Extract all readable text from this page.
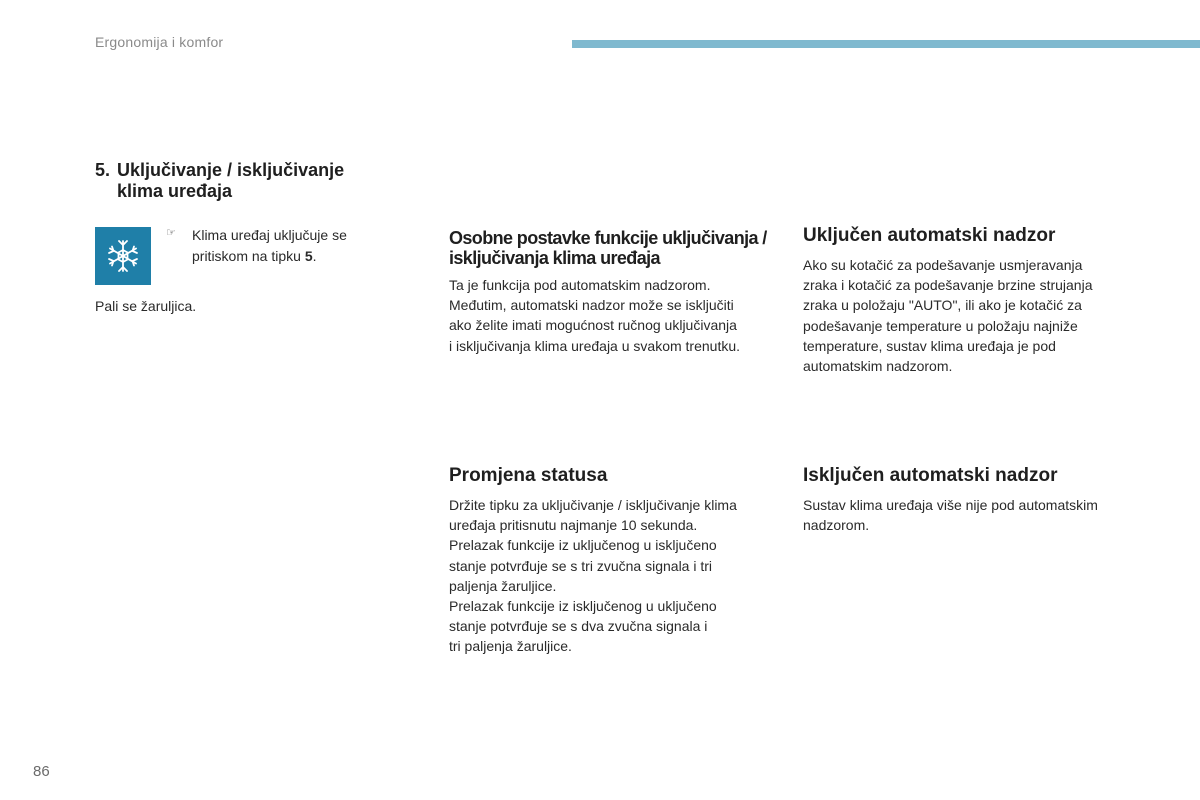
Ergonomija i komfor
5. Uključivanje / isključivanje
klima uređaja
☞ Klima uređaj uključuje se
pritiskom na tipku 5.
Pali se žaruljica.
Osobne postavke funkcije uključivanja /
isključivanja klima uređaja
Ta je funkcija pod automatskim nadzorom.
Međutim, automatski nadzor može se isključiti
ako želite imati mogućnost ručnog uključivanja
i isključivanja klima uređaja u svakom trenutku.
Uključen automatski nadzor
Ako su kotačić za podešavanje usmjeravanja
zraka i kotačić za podešavanje brzine strujanja
zraka u položaju "AUTO", ili ako je kotačić za
podešavanje temperature u položaju najniže
temperature, sustav klima uređaja je pod
automatskim nadzorom.
Promjena statusa
Držite tipku za uključivanje / isključivanje klima
uređaja pritisnutu najmanje 10 sekunda.
Prelazak funkcije iz uključenog u isključeno
stanje potvrđuje se s tri zvučna signala i tri
paljenja žaruljice.
Prelazak funkcije iz isključenog u uključeno
stanje potvrđuje se s dva zvučna signala i
tri paljenja žaruljice.
Isključen automatski nadzor
Sustav klima uređaja više nije pod automatskim
nadzorom.
86
